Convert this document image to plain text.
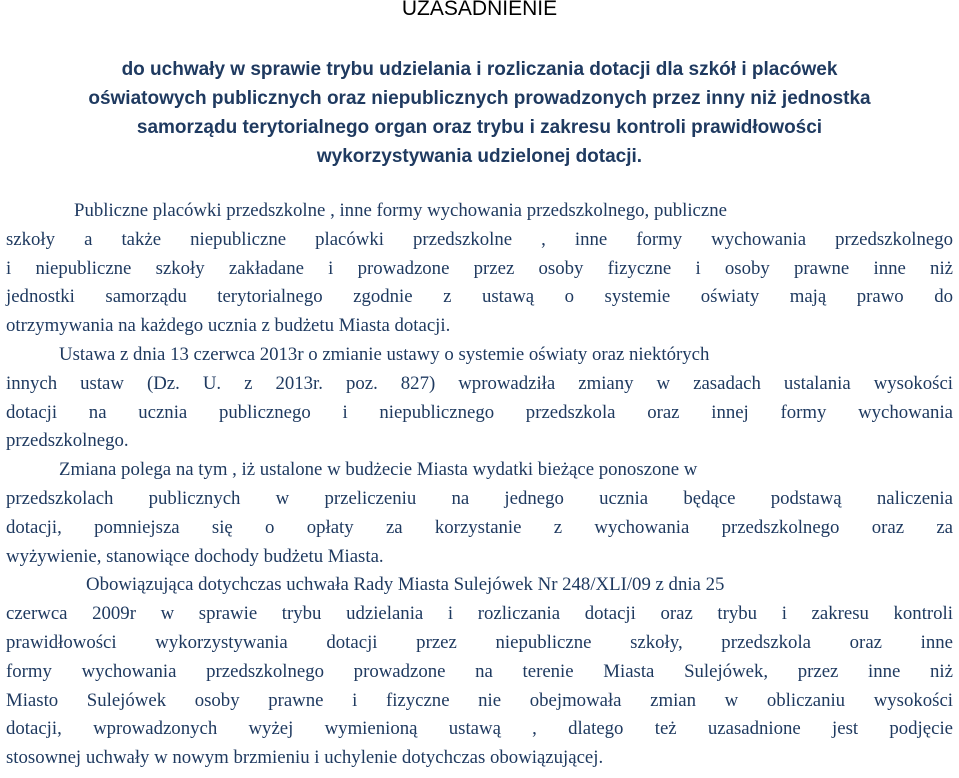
UZASADNIENIE
do uchwały w sprawie trybu udzielania i rozliczania dotacji dla szkół i placówek
oświatowych publicznych oraz niepublicznych prowadzonych przez inny niż jednostka
samorządu terytorialnego organ oraz trybu i zakresu kontroli prawidłowości
wykorzystywania udzielonej dotacji.

Publiczne placówki przedszkolne , inne formy wychowania przedszkolnego, publiczne
szkoły a także niepubliczne placówki przedszkolne , inne formy wychowania przedszkolnego
i niepubliczne szkoły zakładane i prowadzone przez osoby fizyczne i osoby prawne inne niż
jednostki samorządu terytorialnego zgodnie z ustawą o systemie oświaty mają prawo do
otrzymywania na każdego ucznia z budżetu Miasta dotacji.

Ustawa z dnia 13 czerwca 2013r o zmianie ustawy o systemie oświaty oraz niektórych
innych ustaw (Dz. U. z 2013r. poz. 827) wprowadziła zmiany w zasadach ustalania wysokości
dotacji na ucznia publicznego i niepublicznego przedszkola oraz innej formy wychowania
przedszkolnego.

Zmiana polega na tym , iż ustalone w budżecie Miasta wydatki bieżące ponoszone w
przedszkolach publicznych w przeliczeniu na jednego ucznia będące podstawą naliczenia
dotacji, pomniejsza się o opłaty za korzystanie z wychowania przedszkolnego oraz za
wyżywienie, stanowiące dochody budżetu Miasta.

Obowiązująca dotychczas uchwała Rady Miasta Sulejówek Nr 248/XLI/09 z dnia 25
czerwca 2009r w sprawie trybu udzielania i rozliczania dotacji oraz trybu i zakresu kontroli
prawidłowości wykorzystywania dotacji przez niepubliczne szkoły, przedszkola oraz inne
formy wychowania przedszkolnego prowadzone na terenie Miasta Sulejówek, przez inne niż
Miasto Sulejówek osoby prawne i fizyczne nie obejmowała zmian w obliczaniu wysokości
dotacji, wprowadzonych wyżej wymienioną ustawą , dlatego też uzasadnione jest podjęcie
stosownej uchwały w nowym brzmieniu i uchylenie dotychczas obowiązującej.
